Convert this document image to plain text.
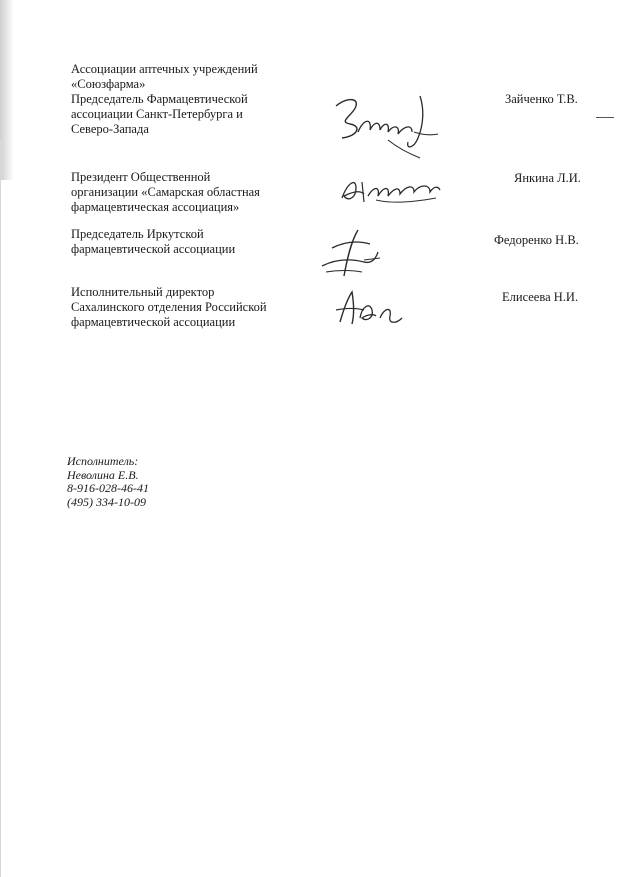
Ассоциации аптечных учреждений
«Союзфарма»
Председатель Фармацевтической
ассоциации Санкт-Петербурга и
Северо-Запада
Зайченко Т.В.
Президент Общественной
организации «Самарская областная
фармацевтическая ассоциация»
Янкина Л.И.
Председатель Иркутской
фармацевтической ассоциации
Федоренко Н.В.
Исполнительный директор
Сахалинского отделения Российской
фармацевтической ассоциации
Елисеева Н.И.
Исполнитель:
Неволина Е.В.
8-916-028-46-41
(495) 334-10-09
